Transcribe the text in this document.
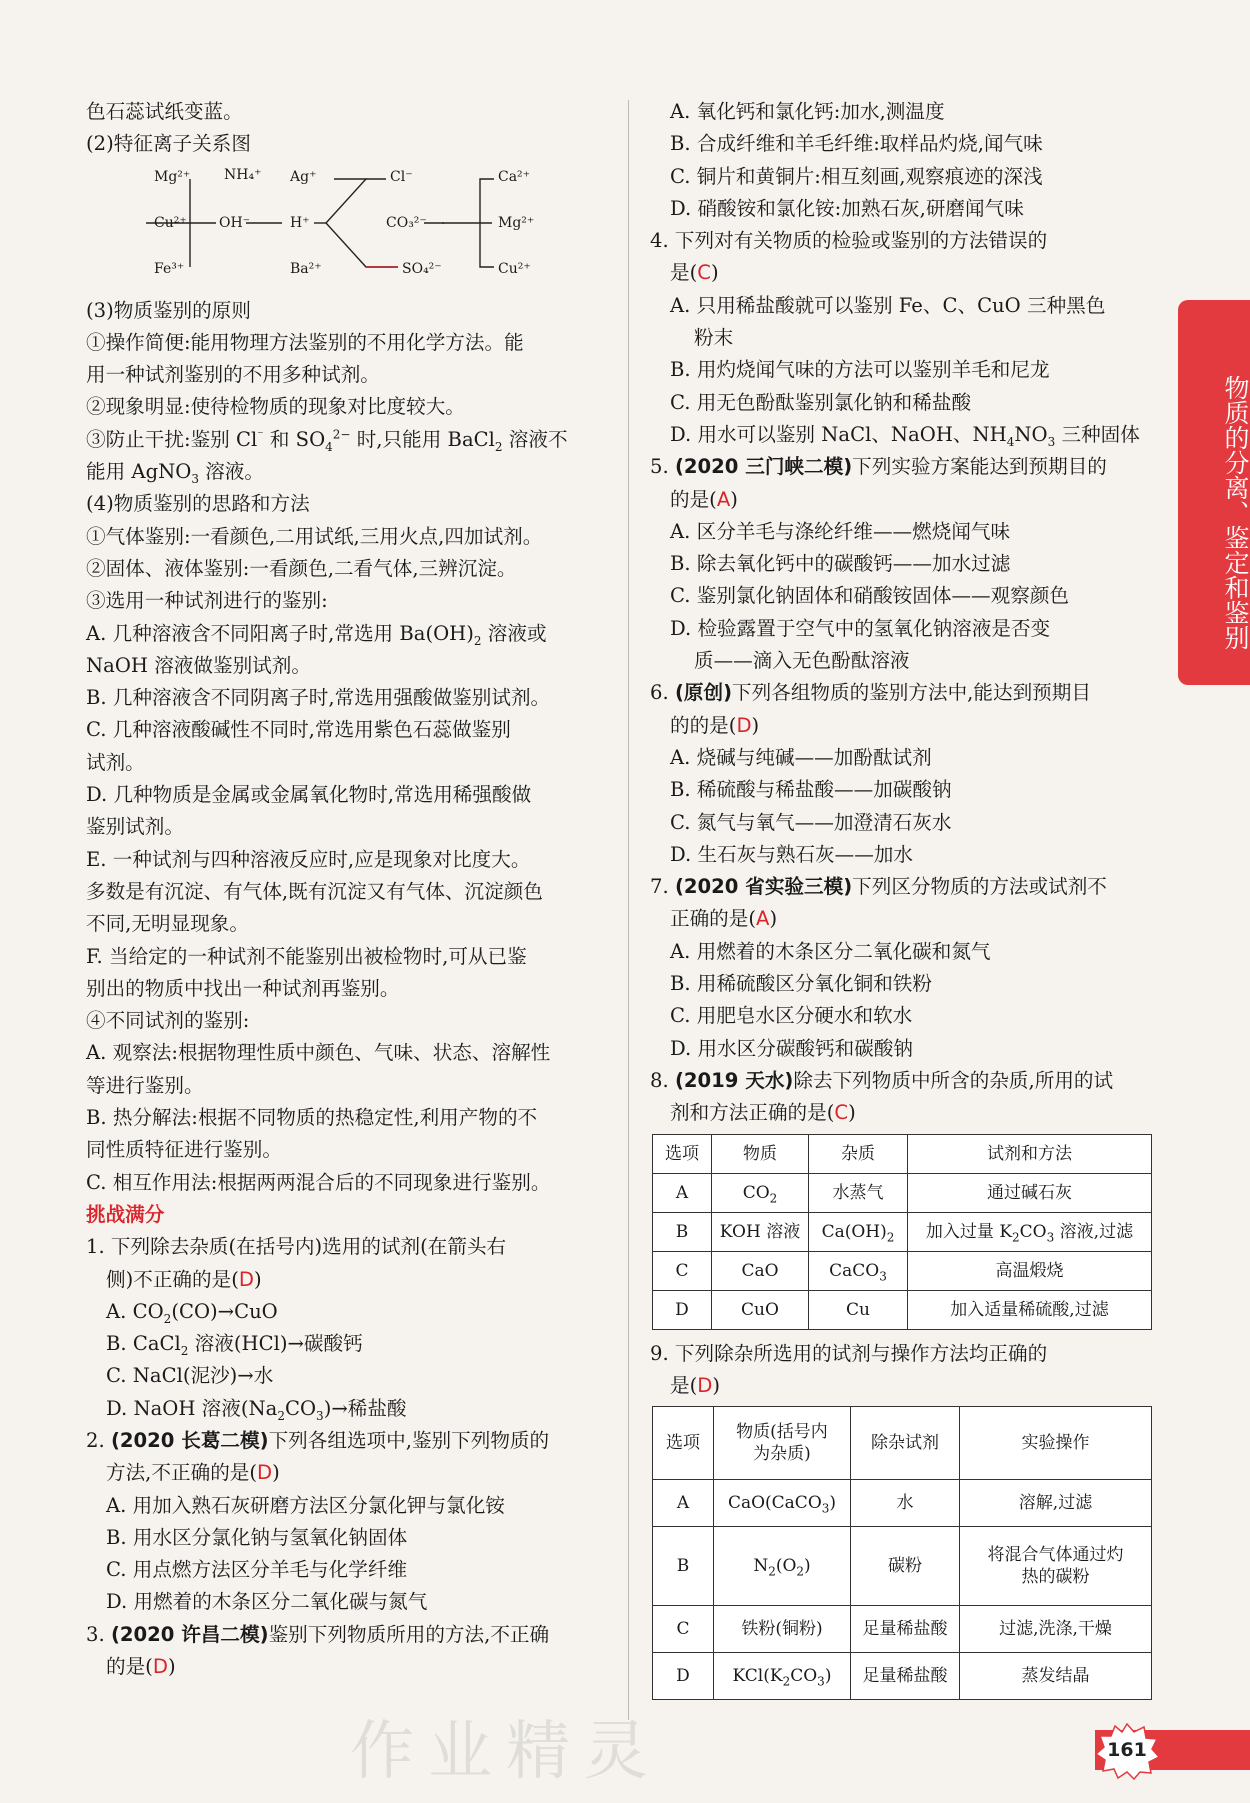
色石蕊试纸变蓝。
(2)特征离子关系图
Mg²⁺
Cu²⁺
Fe³⁺
NH₄⁺
OH⁻	H⁺
Ag⁺
Ba²⁺
Cl⁻
CO₃²⁻
SO₄²⁻
Ca²⁺
Mg²⁺
Cu²⁺
(3)物质鉴别的原则
①操作简便:能用物理方法鉴别的不用化学方法。能
用一种试剂鉴别的不用多种试剂。
②现象明显:使待检物质的现象对比度较大。
③防止干扰:鉴别 Cl⁻ 和 $SO_4^{2-}$ 时,只能用 BaCl$_2$ 溶液不
能用 AgNO$_3$ 溶液。
(4)物质鉴别的思路和方法
①气体鉴别:一看颜色,二用试纸,三用火点,四加试剂。
②固体、液体鉴别:一看颜色,二看气体,三辨沉淀。
③选用一种试剂进行的鉴别:
A. 几种溶液含不同阳离子时,常选用 $Ba(OH)_2$ 溶液或
NaOH 溶液做鉴别试剂。
B. 几种溶液含不同阴离子时,常选用强酸做鉴别试剂。
C. 几种溶液酸碱性不同时,常选用紫色石蕊做鉴别
试剂。
D. 几种物质是金属或金属氧化物时,常选用稀强酸做
鉴别试剂。
E. 一种试剂与四种溶液反应时,应是现象对比度大。
多数是有沉淀、有气体,既有沉淀又有气体、沉淀颜色
不同,无明显现象。
F. 当给定的一种试剂不能鉴别出被检物时,可从已鉴
别出的物质中找出一种试剂再鉴别。
④不同试剂的鉴别:
A. 观察法:根据物理性质中颜色、气味、状态、溶解性
等进行鉴别。
B. 热分解法:根据不同物质的热稳定性,利用产物的不
同性质特征进行鉴别。
C. 相互作用法:根据两两混合后的不同现象进行鉴别。
挑战满分
1. 下列除去杂质(在括号内)选用的试剂(在箭头右
侧)不正确的是(D)
A. $CO_2(CO)\to CuO$
B. CaCl$_2$ 溶液(HCl)→碳酸钙
C. NaCl(泥沙)→水
D. NaOH 溶液$(Na_2CO_3)\to$稀盐酸
2. (2020 长葛二模)下列各组选项中,鉴别下列物质的
方法,不正确的是(D)
A. 用加入熟石灰研磨方法区分氯化钾与氯化铵
B. 用水区分氯化钠与氢氧化钠固体
C. 用点燃方法区分羊毛与化学纤维
D. 用燃着的木条区分二氧化碳与氮气
3. (2020 许昌二模)鉴别下列物质所用的方法,不正确
的是(D)
A. 氧化钙和氯化钙:加水,测温度
B. 合成纤维和羊毛纤维:取样品灼烧,闻气味
C. 铜片和黄铜片:相互刻画,观察痕迹的深浅
D. 硝酸铵和氯化铵:加熟石灰,研磨闻气味
4. 下列对有关物质的检验或鉴别的方法错误的
是(C)
A. 只用稀盐酸就可以鉴别 Fe、C、CuO 三种黑色
粉末
B. 用灼烧闻气味的方法可以鉴别羊毛和尼龙
C. 用无色酚酞鉴别氯化钠和稀盐酸
D. 用水可以鉴别 NaCl、NaOH、$NH_4NO_3$ 三种固体
5. (2020 三门峡二模)下列实验方案能达到预期目的
的是(A)
A. 区分羊毛与涤纶纤维——燃烧闻气味
B. 除去氧化钙中的碳酸钙——加水过滤
C. 鉴别氯化钠固体和硝酸铵固体——观察颜色
D. 检验露置于空气中的氢氧化钠溶液是否变
质——滴入无色酚酞溶液
6. (原创)下列各组物质的鉴别方法中,能达到预期目
的的是(D)
A. 烧碱与纯碱——加酚酞试剂
B. 稀硫酸与稀盐酸——加碳酸钠
C. 氮气与氧气——加澄清石灰水
D. 生石灰与熟石灰——加水
7. (2020 省实验三模)下列区分物质的方法或试剂不
正确的是(A)
A. 用燃着的木条区分二氧化碳和氮气
B. 用稀硫酸区分氧化铜和铁粉
C. 用肥皂水区分硬水和软水
D. 用水区分碳酸钙和碳酸钠
8. (2019 天水)除去下列物质中所含的杂质,所用的试
剂和方法正确的是(C)
选项	物质	杂质	试剂和方法
A	$CO_2$	水蒸气	通过碱石灰
B	KOH 溶液	$Ca(OH)_2$	加入过量 $K_2CO_3$ 溶液,过滤
C	CaO	CaCO$_3$	高温煅烧
D	CuO	Cu	加入适量稀硫酸,过滤
9. 下列除杂所选用的试剂与操作方法均正确的
是(D)
选项	物质(括号内
为杂质)	除杂试剂	实验操作
A	CaO(CaCO$_3$)	水	溶解,过滤
B	$N_2(O_2)$	碳粉	将混合气体通过灼
热的碳粉

C	铁粉(铜粉)	足量稀盐酸	过滤,洗涤,干燥
D	$KCl(K_2CO_3)$	足量稀盐酸	蒸发结晶
物质的分离、鉴定和鉴别
作业精灵	161
